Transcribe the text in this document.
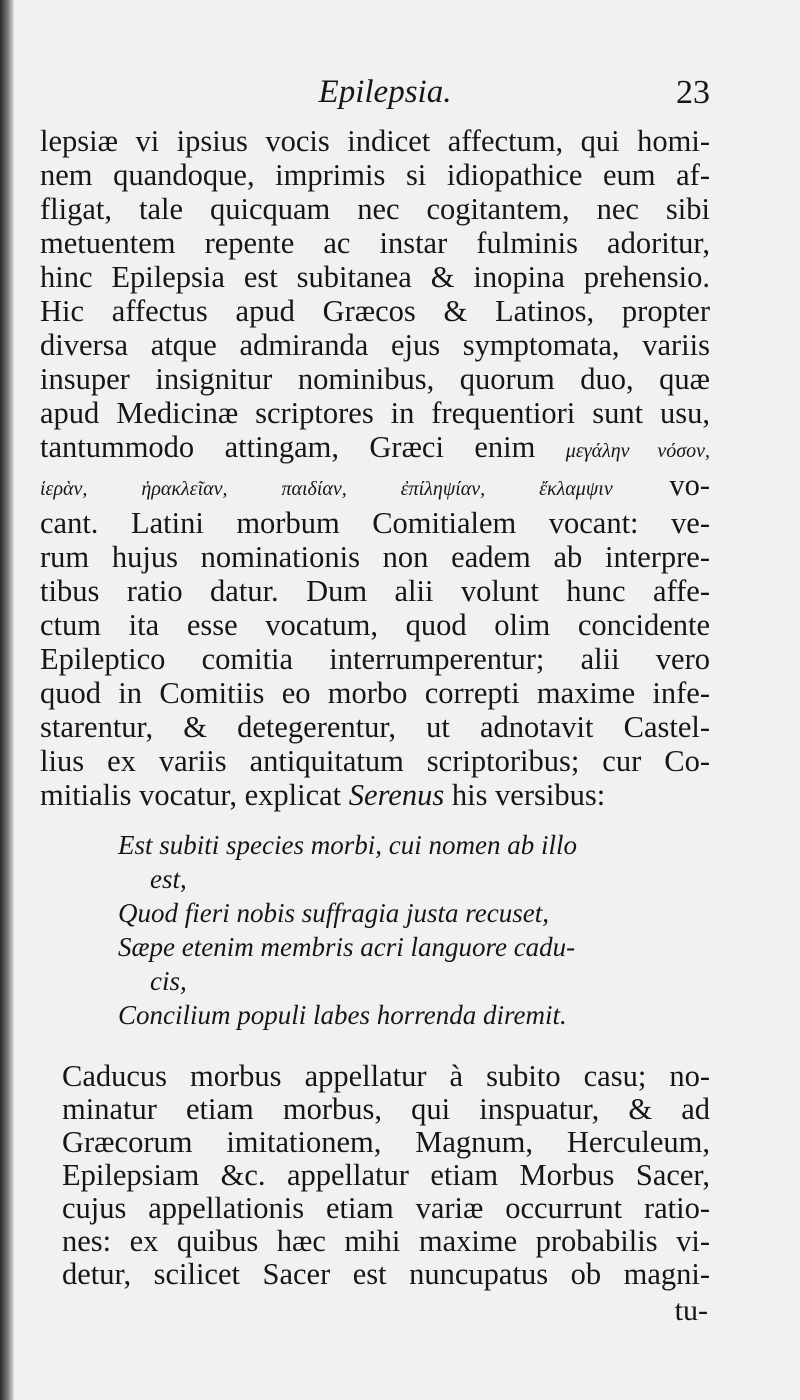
Epilepsia.	23
lepsiæ vi ipsius vocis indicet affectum, qui homi-
nem quandoque, imprimis si idiopathice eum af-
fligat, tale quicquam nec cogitantem, nec sibi
metuentem repente ac instar fulminis adoritur,
hinc Epilepsia est subitanea & inopina prehensio.
Hic affectus apud Græcos & Latinos, propter
diversa atque admiranda ejus symptomata, variis
insuper insignitur nominibus, quorum duo, quæ
apud Medicinæ scriptores in frequentiori sunt usu,
tantummodo attingam, Græci enim μεγάλην νόσον,
ἱερὰν, ἡρακλεῖαν, παιδίαν, ἐπίληψίαν, ἔκλαμψιν vo-
cant. Latini morbum Comitialem vocant: ve-
rum hujus nominationis non eadem ab interpre-
tibus ratio datur. Dum alii volunt hunc affe-
ctum ita esse vocatum, quod olim concidente
Epileptico comitia interrumperentur; alii vero
quod in Comitiis eo morbo correpti maxime infe-
starentur, & detegerentur, ut adnotavit Castel-
lius ex variis antiquitatum scriptoribus; cur Co-
mitialis vocatur, explicat Serenus his versibus:
Est subiti species morbi, cui nomen ab illo
est,
Quod fieri nobis suffragia justa recuset,
Sæpe etenim membris acri languore cadu-
cis,
Concilium populi labes horrenda diremit.
Caducus morbus appellatur à subito casu; no-
minatur etiam morbus, qui inspuatur, & ad
Græcorum imitationem, Magnum, Herculeum,
Epilepsiam &c. appellatur etiam Morbus Sacer,
cujus appellationis etiam variæ occurrunt ratio-
nes: ex quibus hæc mihi maxime probabilis vi-
detur, scilicet Sacer est nuncupatus ob magni-
tu-
